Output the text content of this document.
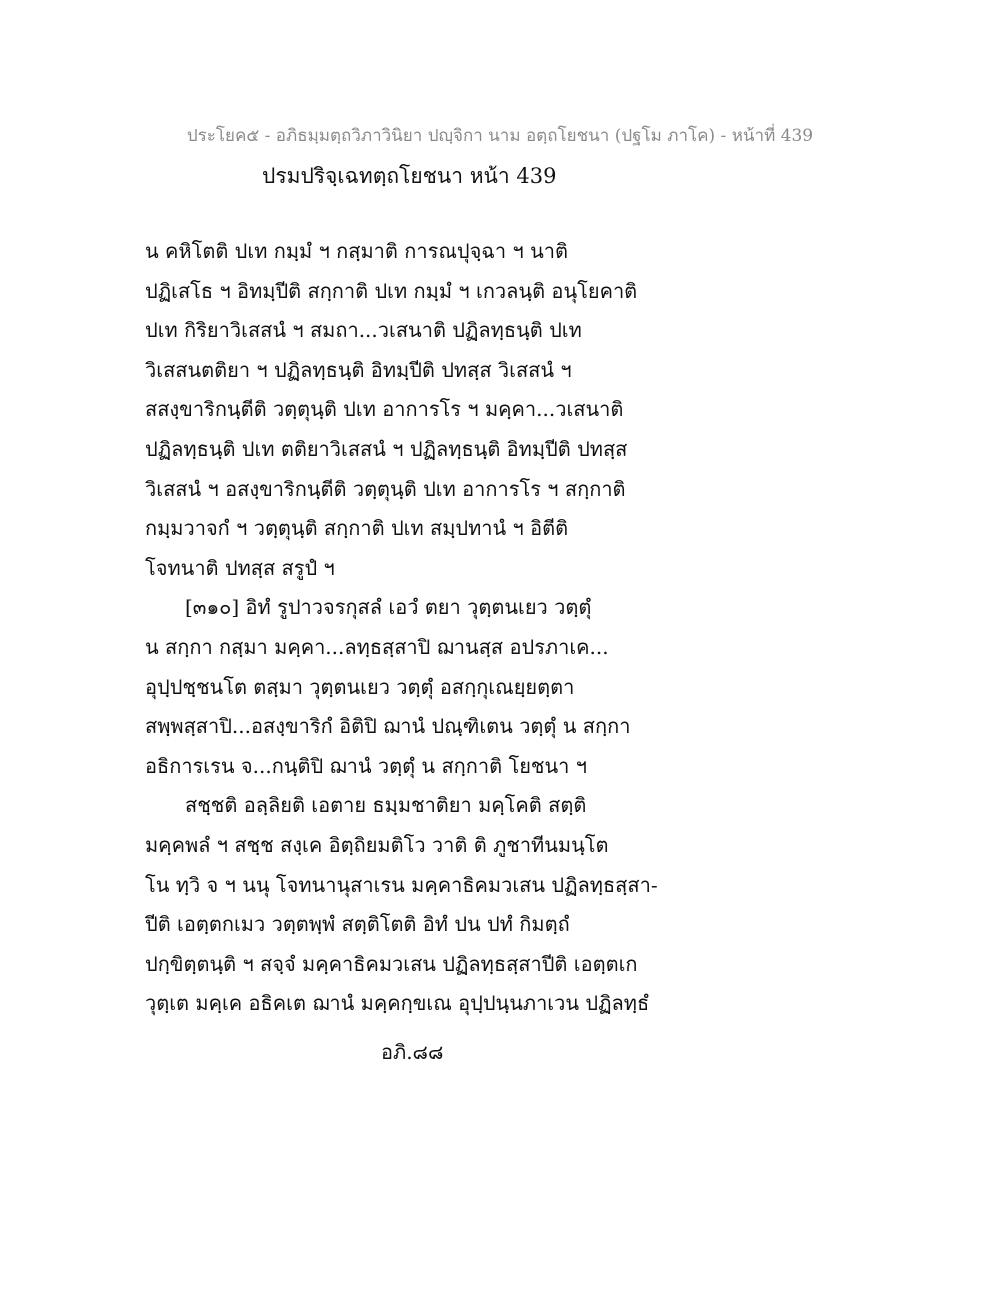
ประโยค๕ - อภิธมฺมตฺถวิภาวินิยา ปญฺจิกา นาม อตฺถโยชนา (ปฐโม ภาโค) - หน้าที่ 439
ปรมปริจฺเฉทตฺถโยชนา หน้า 439
น คหิโตติ ปเท กมฺมํ ฯ กสฺมาติ การณปุจฺฉา ฯ นาติ
ปฏิเสโธ ฯ อิทมฺปีติ สกฺกาติ ปเท กมฺมํ ฯ เกวลนฺติ อนุโยคาติ
ปเท กิริยาวิเสสนํ ฯ สมถา...วเสนาติ ปฏิลทฺธนฺติ ปเท
วิเสสนตติยา ฯ ปฏิลทฺธนฺติ อิทมฺปีติ ปทสฺส วิเสสนํ ฯ
สสงฺขาริกนฺตีติ วตฺตุนฺติ ปเท อาการโร ฯ มคฺคา...วเสนาติ
ปฏิลทฺธนฺติ ปเท ตติยาวิเสสนํ ฯ ปฏิลทฺธนฺติ อิทมฺปีติ ปทสฺส
วิเสสนํ ฯ อสงฺขาริกนฺตีติ วตฺตุนฺติ ปเท อาการโร ฯ สกฺกาติ
กมฺมวาจกํ ฯ วตฺตุนฺติ สกฺกาติ ปเท สมฺปทานํ ฯ อิตีติ
โจทนาติ ปทสฺส สรูปํ ฯ
[๓๑๐] อิทํ รูปาวจรกุสลํ เอวํ ตยา วุตฺตนเยว วตฺตุํ
น สกฺกา กสฺมา มคฺคา...ลทฺธสฺสาปิ ฌานสฺส อปรภาเค...
อุปฺปชฺชนโต ตสฺมา วุตฺตนเยว วตฺตุํ อสกฺกุเณยฺยตฺตา
สพฺพสฺสาปิ...อสงฺขาริกํ อิติปิ ฌานํ ปณฺฑิเตน วตฺตุํ น สกฺกา
อธิการเรน จ...กนฺติปิ ฌานํ วตฺตุํ น สกฺกาติ โยชนา ฯ
สชฺชติ อลฺลิยติ เอตาย ธมฺมชาติยา มคฺโคติ สตฺติ
มคฺคพลํ ฯ สชฺช สงฺเค อิตฺถิยมติโว วาติ ติ ภูชาทีนมนฺโต
โน ทฺวิ จ ฯ นนุ โจทนานุสาเรน มคฺคาธิคมวเสน ปฏิลทฺธสฺสา-
ปีติ เอตฺตกเมว วตฺตพฺพํ สตฺติโตติ อิทํ ปน ปทํ กิมตฺถํ
ปกฺขิตฺตนฺติ ฯ สจฺจํ มคฺคาธิคมวเสน ปฏิลทฺธสฺสาปีติ เอตฺตเก
วุตฺเต มคฺเค อธิคเต ฌานํ มคฺคกฺขเณ อุปฺปนฺนภาเวน ปฏิลทฺธํ
อภิ.๘๘
